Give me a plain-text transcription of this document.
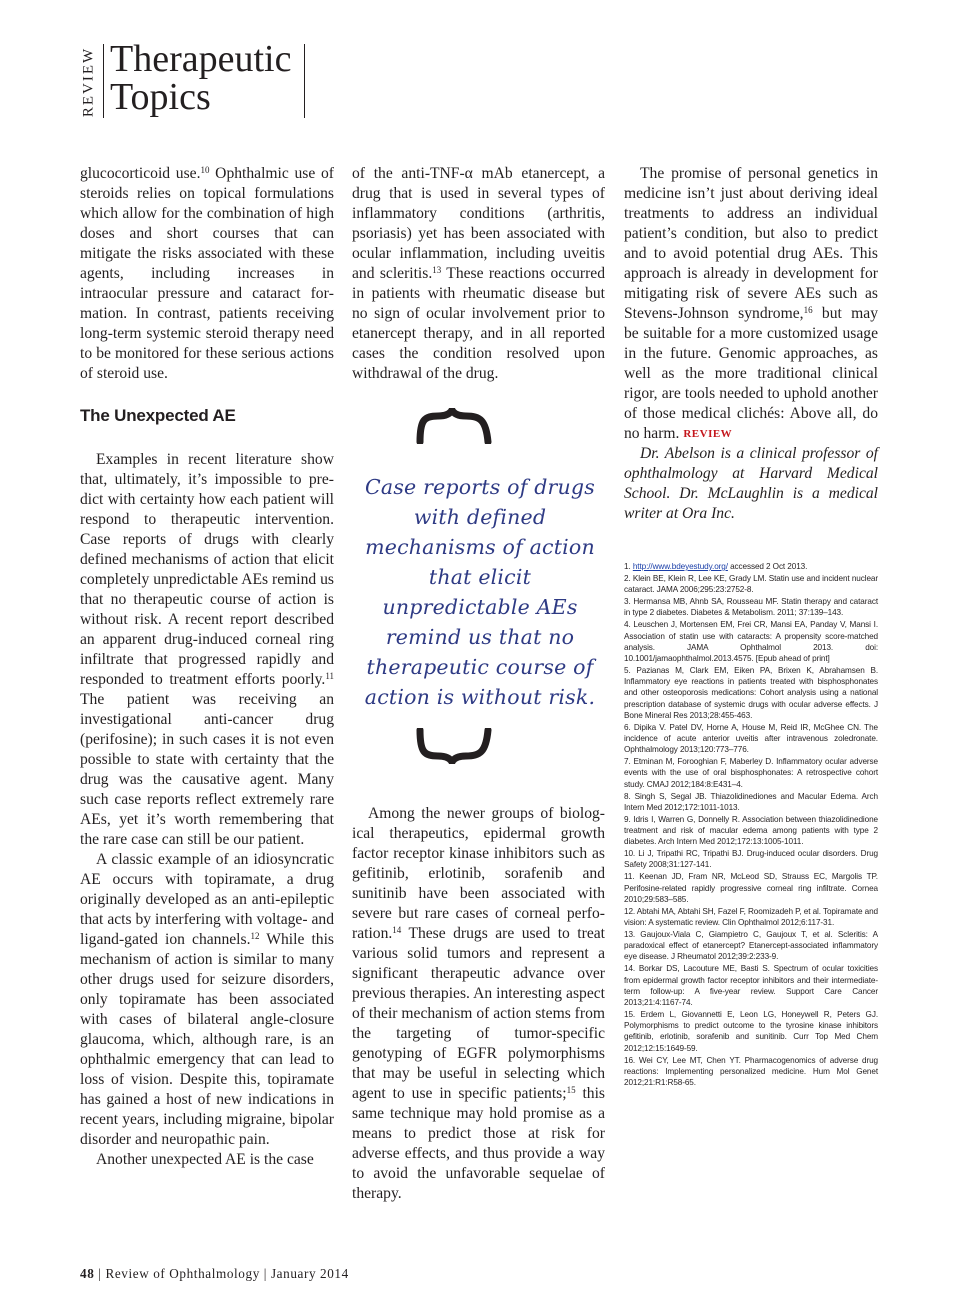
REVIEW Therapeutic
Topics

glucocorticoid use.$^{10}$ Ophthalmic use of steroids relies on topical formulations which allow for the combination of high doses and short courses that can mitigate the risks associated with these agents, including increases in intraocular pressure and cataract formation. In contrast, patients receiving long-term systemic steroid therapy need to be monitored for these serious actions of steroid use.

The Unexpected AE

Examples in recent literature show that, ultimately, it’s impossible to predict with certainty how each patient will respond to therapeutic intervention. Case reports of drugs with clearly defined mechanisms of action that elicit completely unpredictable AEs remind us that no therapeutic course of action is without risk. A recent report described an apparent drug-induced corneal ring infiltrate that progressed rapidly and responded to treatment efforts poorly.$^{11}$ The patient was receiving an investigational anti-cancer drug (perifosine); in such cases it is not even possible to state with certainty that the drug was the causative agent. Many such case reports reflect extremely rare AEs, yet it’s worth remembering that the rare case can still be our patient.

A classic example of an idiosyncratic AE occurs with topiramate, a drug originally developed as an anti-epileptic that acts by interfering with voltage- and ligand-gated ion channels.$^{12}$ While this mechanism of action is similar to many other drugs used for seizure disorders, only topiramate has been associated with cases of bilateral angle-closure glaucoma, which, although rare, is an ophthalmic emergency that can lead to loss of vision. Despite this, topiramate has gained a host of new indications in recent years, including migraine, bipolar disorder and neuropathic pain.

Another unexpected AE is the case

of the anti-TNF-α mAb etanercept, a drug that is used in several types of inflammatory conditions (arthritis, psoriasis) yet has been associated with ocular inflammation, including uveitis and scleritis.$^{13}$ These reactions occurred in patients with rheumatic disease but no sign of ocular involvement prior to etanercept therapy, and in all reported cases the condition resolved upon withdrawal of the drug.

Case reports of drugs with defined mechanisms of action that elicit unpredictable AEs remind us that no therapeutic course of action is without risk.

Among the newer groups of biological therapeutics, epidermal growth factor receptor kinase inhibitors such as gefitinib, erlotinib, sorafenib and sunitinib have been associated with severe but rare cases of corneal perforation.$^{14}$ These drugs are used to treat various solid tumors and represent a significant therapeutic advance over previous therapies. An interesting aspect of their mechanism of action stems from the targeting of tumor-specific genotyping of EGFR polymorphisms that may be useful in selecting which agent to use in specific patients;$^{15}$ this same technique may hold promise as a means to predict those at risk for adverse effects, and thus provide a way to avoid the unfavorable sequelae of therapy.

The promise of personal genetics in medicine isn’t just about deriving ideal treatments to address an individual patient’s condition, but also to predict and to avoid potential drug AEs. This approach is already in development for mitigating risk of severe AEs such as Stevens-Johnson syndrome,$^{16}$ but may be suitable for a more customized usage in the future. Genomic approaches, as well as the more traditional clinical rigor, are tools needed to uphold another of those medical clichés: Above all, do no harm. REVIEW

Dr. Abelson is a clinical professor of ophthalmology at Harvard Medical School. Dr. McLaughlin is a medical writer at Ora Inc.

1. http://www.bdeyestudy.org/ accessed 2 Oct 2013.

2. Klein BE, Klein R, Lee KE, Grady LM. Statin use and incident nuclear cataract. JAMA 2006;295:23:2752-8.

3. Hermansa MB, Ahnb SA, Rousseau MF. Statin therapy and cataract in type 2 diabetes. Diabetes & Metabolism. 2011; 37:139–143.

4. Leuschen J, Mortensen EM, Frei CR, Mansi EA, Panday V, Mansi I. Association of statin use with cataracts: A propensity score-matched analysis. JAMA Ophthalmol 2013. doi: 10.1001/jamaophthalmol.2013.4575. [Epub ahead of print]

5. Pazianas M, Clark EM, Eiken PA, Brixen K, Abrahamsen B. Inflammatory eye reactions in patients treated with bisphosphonates and other osteoporosis medications: Cohort analysis using a national prescription database of systemic drugs with ocular adverse effects. J Bone Mineral Res 2013;28:455-463.

6. Dipika V. Patel DV, Horne A, House M, Reid IR, McGhee CN. The incidence of acute anterior uveitis after intravenous zoledronate. Ophthalmology 2013;120:773–776.

7. Etminan M, Forooghian F, Maberley D. Inflammatory ocular adverse events with the use of oral bisphosphonates: A retrospective cohort study. CMAJ 2012;184:8:E431–4.

8. Singh S, Segal JB. Thiazolidinediones and Macular Edema. Arch Intern Med 2012;172:1011-1013.

9. Idris I, Warren G, Donnelly R. Association between thiazolidinedione treatment and risk of macular edema among patients with type 2 diabetes. Arch Intern Med 2012;172:13:1005-1011.

10. Li J, Tripathi RC, Tripathi BJ. Drug-induced ocular disorders. Drug Safety 2008;31:127-141.

11. Keenan JD, Fram NR, McLeod SD, Strauss EC, Margolis TP. Perifosine-related rapidly progressive corneal ring infiltrate. Cornea 2010;29:583–585.

12. Abtahi MA, Abtahi SH, Fazel F, Roomizadeh P, et al. Topiramate and vision: A systematic review. Clin Ophthalmol 2012;6:117-31.

13. Gaujoux-Viala C, Giampietro C, Gaujoux T, et al. Scleritis: A paradoxical effect of etanercept? Etanercept-associated inflammatory eye disease. J Rheumatol 2012;39:2:233-9.

14. Borkar DS, Lacouture ME, Basti S. Spectrum of ocular toxicities from epidermal growth factor receptor inhibitors and their intermediate-term follow-up: A five-year review. Support Care Cancer 2013;21:4:1167-74.

15. Erdem L, Giovannetti E, Leon LG, Honeywell R, Peters GJ. Polymorphisms to predict outcome to the tyrosine kinase inhibitors gefitinib, erlotinib, sorafenib and sunitinib. Curr Top Med Chem 2012;12:15:1649-59.

16. Wei CY, Lee MT, Chen YT. Pharmacogenomics of adverse drug reactions: Implementing personalized medicine. Hum Mol Genet 2012;21:R1:R58-65.

48 | Review of Ophthalmology | January 2014
